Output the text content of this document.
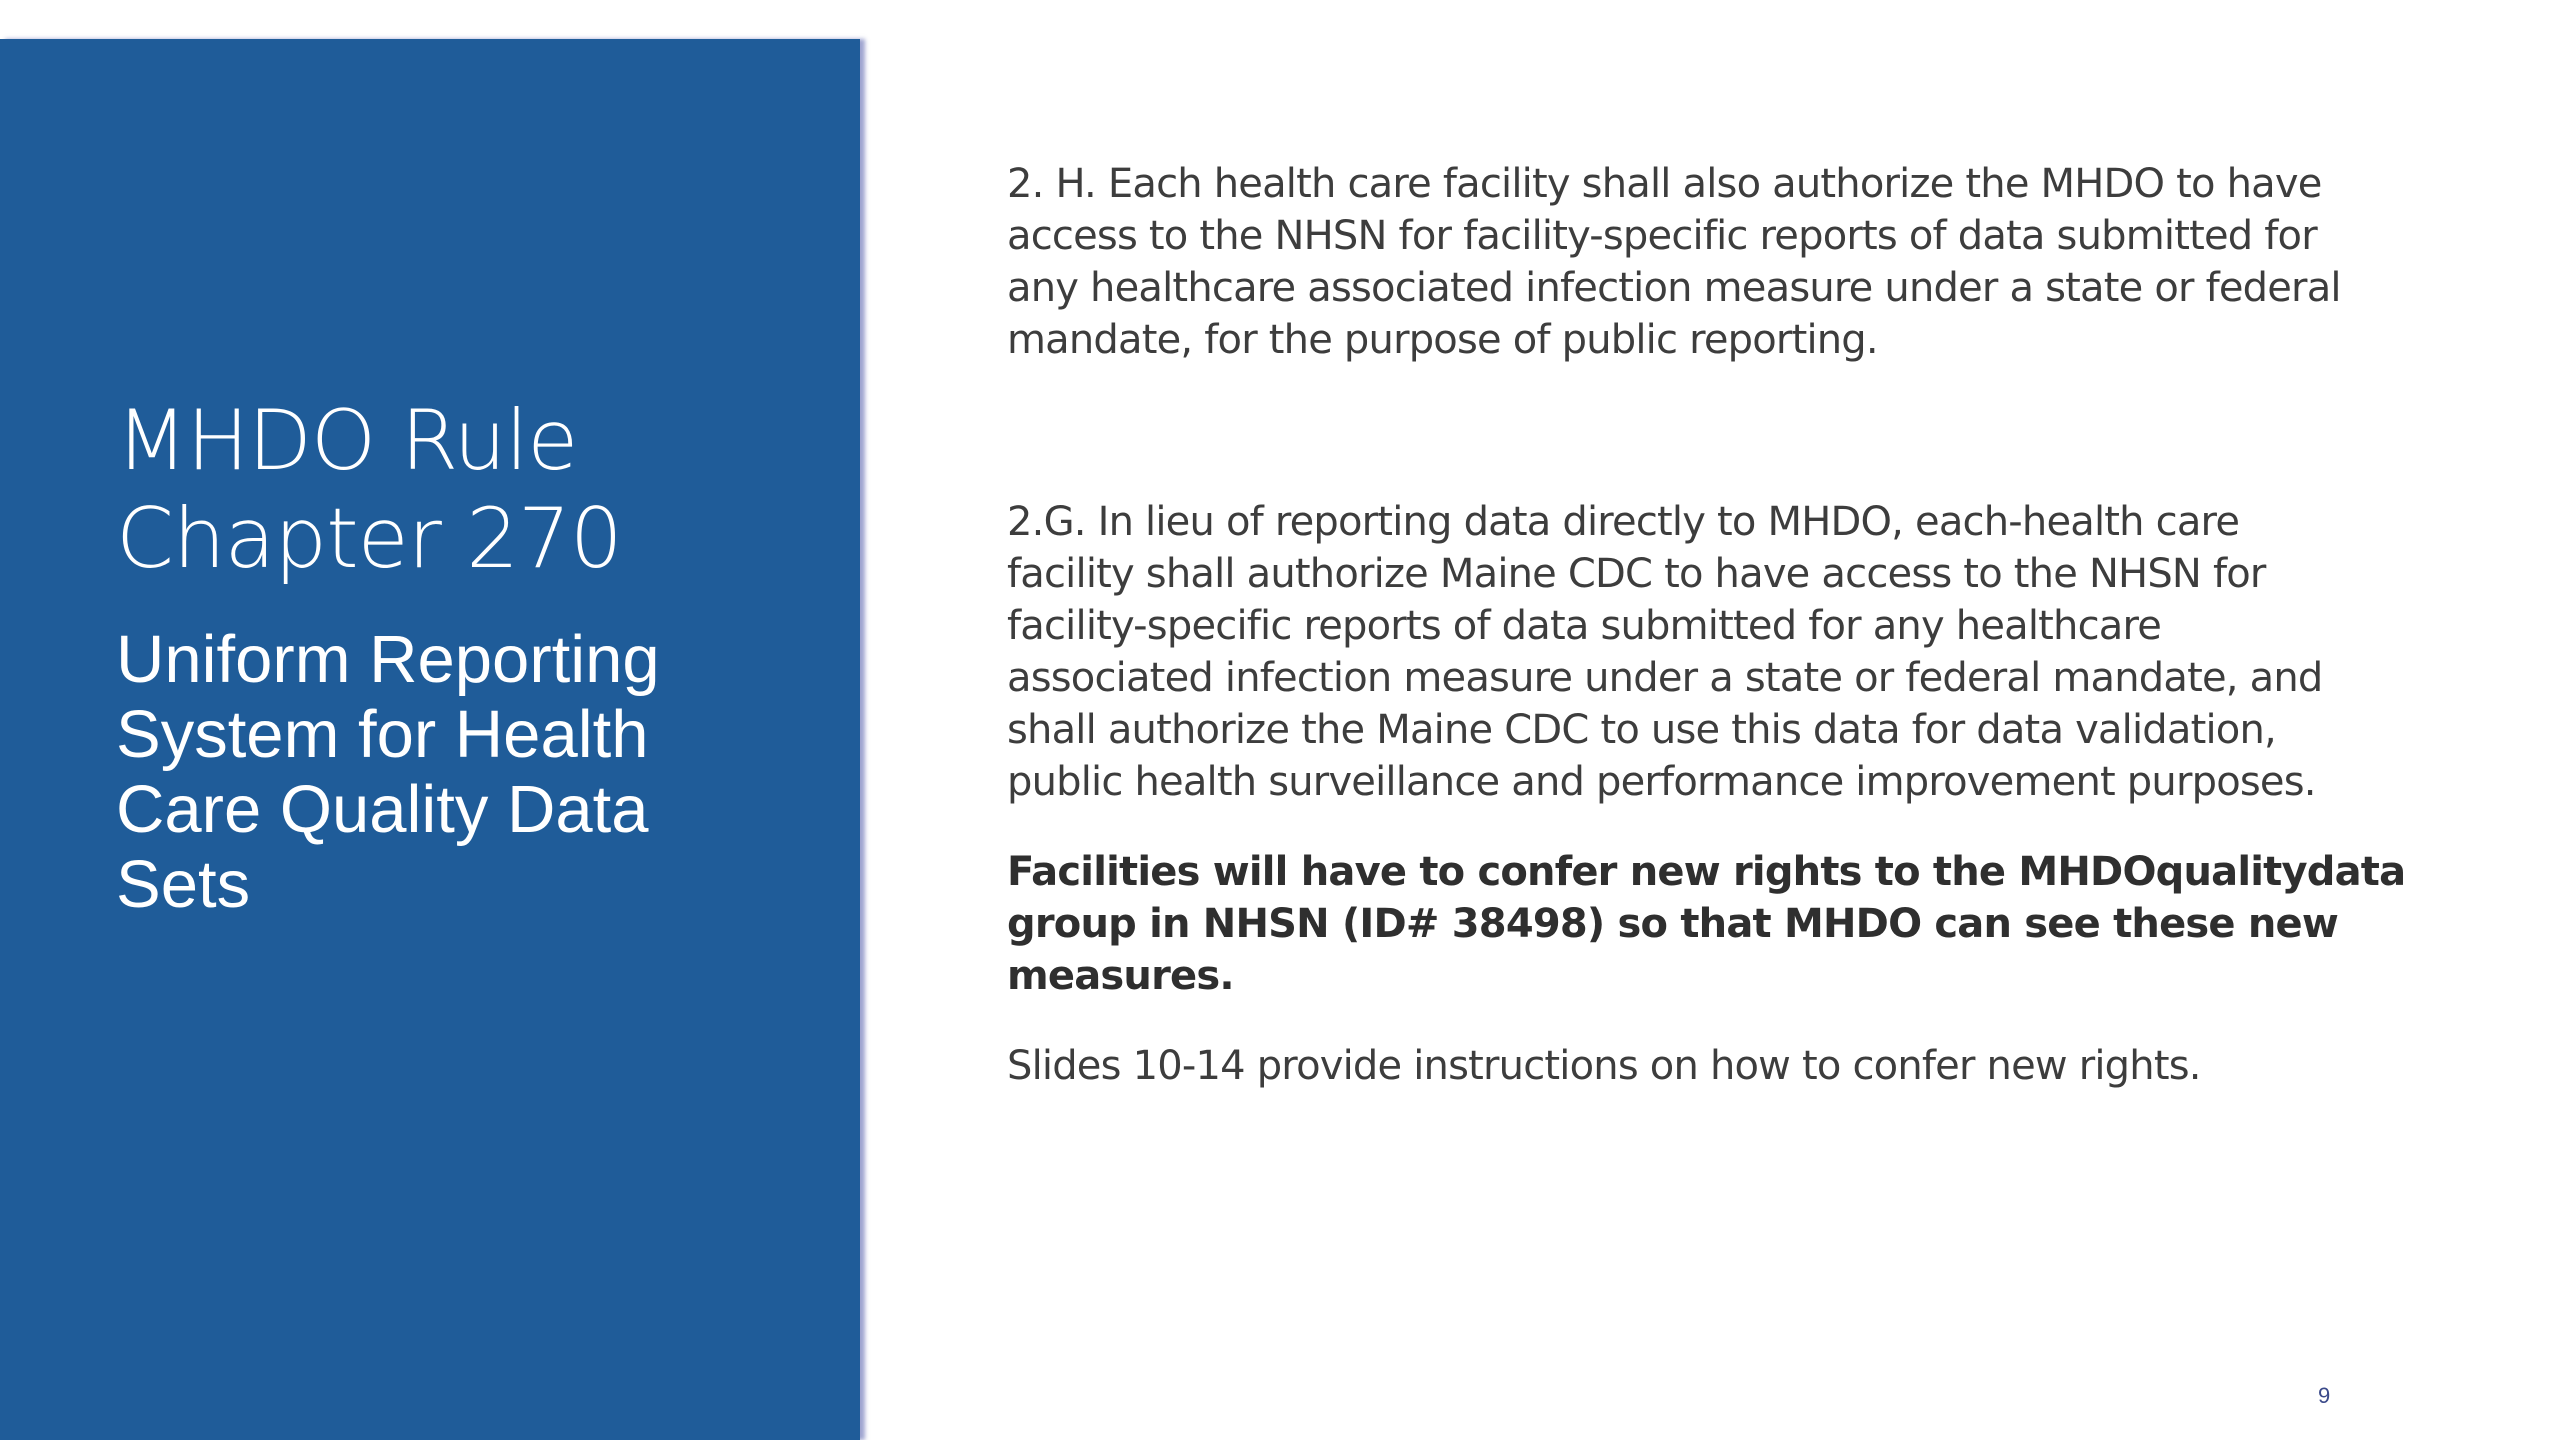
MHDO Rule
Chapter 270
Uniform Reporting
System for Health
Care Quality Data
Sets

2. H. Each health care facility shall also authorize the MHDO to have
access to the NHSN for facility-specific reports of data submitted for
any healthcare associated infection measure under a state or federal
mandate, for the purpose of public reporting.

2.G. In lieu of reporting data directly to MHDO, each-health care
facility shall authorize Maine CDC to have access to the NHSN for
facility-specific reports of data submitted for any healthcare
associated infection measure under a state or federal mandate, and
shall authorize the Maine CDC to use this data for data validation,
public health surveillance and performance improvement purposes.

Facilities will have to confer new rights to the MHDOqualitydata
group in NHSN (ID# 38498) so that MHDO can see these new
measures.

Slides 10-14 provide instructions on how to confer new rights.

9
